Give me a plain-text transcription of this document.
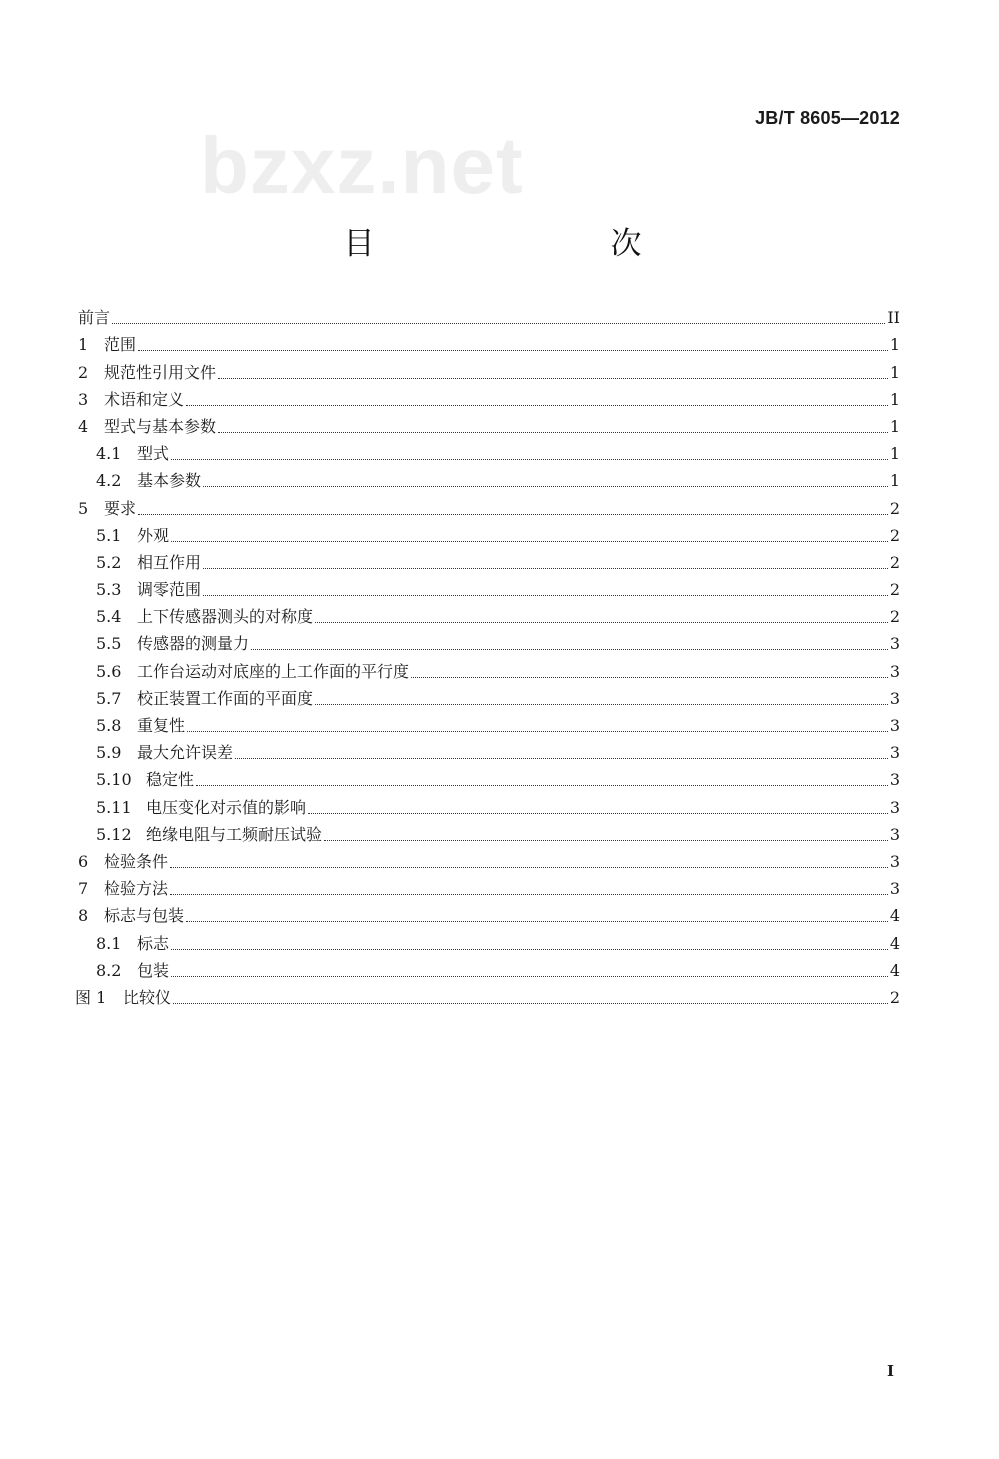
bzxz.net
JB/T 8605—2012
目　　次
前言	II
1 范围	1
2 规范性引用文件	1
3 术语和定义	1
4 型式与基本参数	1
4.1 型式	1
4.2 基本参数	1
5 要求	2
5.1 外观	2
5.2 相互作用	2
5.3 调零范围	2
5.4 上下传感器测头的对称度	2
5.5 传感器的测量力	3
5.6 工作台运动对底座的上工作面的平行度	3
5.7 校正装置工作面的平面度	3
5.8 重复性	3
5.9 最大允许误差	3
5.10 稳定性	3
5.11 电压变化对示值的影响	3
5.12 绝缘电阻与工频耐压试验	3
6 检验条件	3
7 检验方法	3
8 标志与包装	4
8.1 标志	4
8.2 包装	4
图 1	比较仪	2
I
